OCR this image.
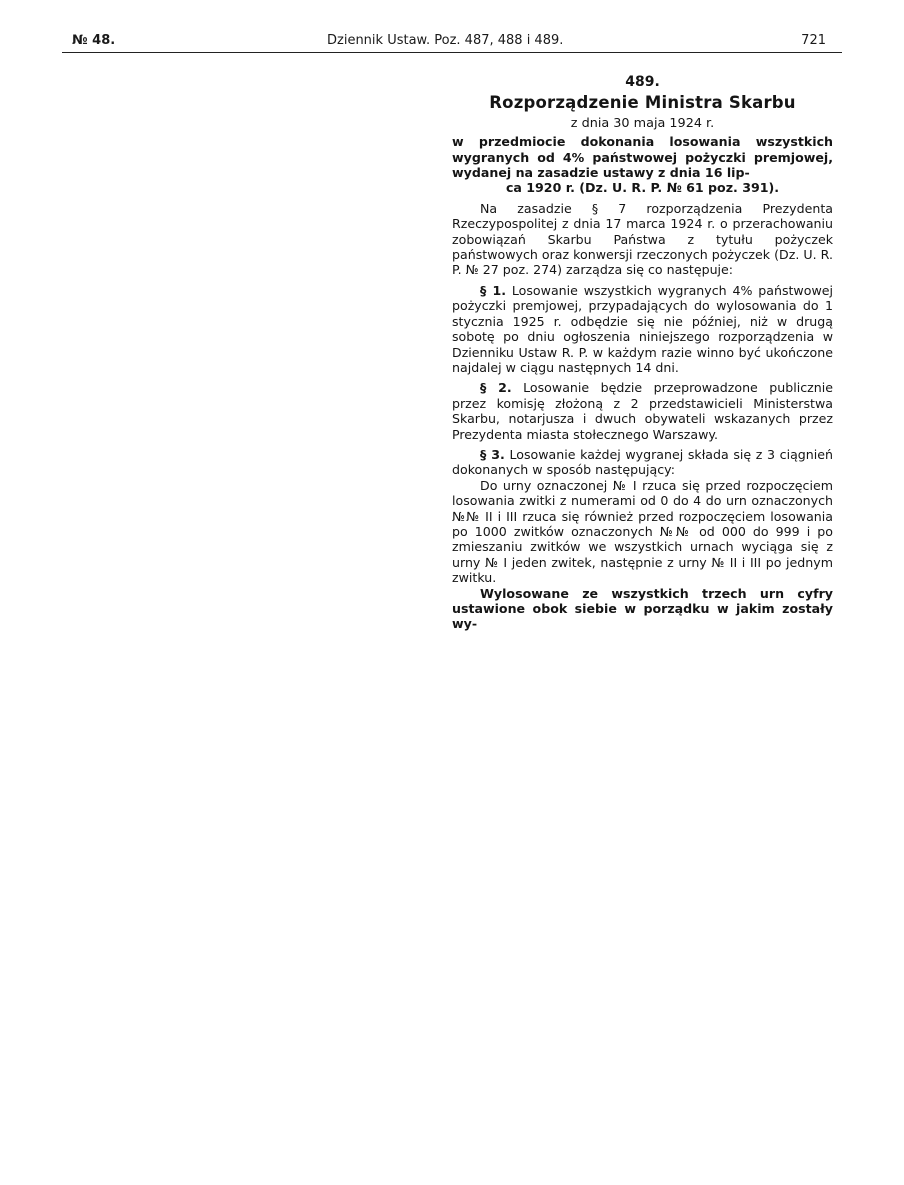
№ 48.	Dziennik Ustaw. Poz. 487, 488 i 489.	721
489.
Rozporządzenie Ministra Skarbu
z dnia 30 maja 1924 r.
w przedmiocie dokonania losowania wszystkich wygranych od 4% państwowej pożyczki premjowej, wydanej na zasadzie ustawy z dnia 16 lip-
ca 1920 r. (Dz. U. R. P. № 61 poz. 391).

Na zasadzie § 7 rozporządzenia Prezydenta Rzeczypospolitej z dnia 17 marca 1924 r. o przerachowaniu zobowiązań Skarbu Państwa z tytułu pożyczek państwowych oraz konwersji rzeczonych pożyczek (Dz. U. R. P. № 27 poz. 274) zarządza się co następuje:

§ 1. Losowanie wszystkich wygranych 4% państwowej pożyczki premjowej, przypadających do wylosowania do 1 stycznia 1925 r. odbędzie się nie później, niż w drugą sobotę po dniu ogłoszenia niniejszego rozporządzenia w Dzienniku Ustaw R. P. w każdym razie winno być ukończone najdalej w ciągu następnych 14 dni.

§ 2. Losowanie będzie przeprowadzone publicznie przez komisję złożoną z 2 przedstawicieli Ministerstwa Skarbu, notarjusza i dwuch obywateli wskazanych przez Prezydenta miasta stołecznego Warszawy.

§ 3. Losowanie każdej wygranej składa się z 3 ciągnień dokonanych w sposób następujący:

Do urny oznaczonej № I rzuca się przed rozpoczęciem losowania zwitki z numerami od 0 do 4 do urn oznaczonych №№ II i III rzuca się również przed rozpoczęciem losowania po 1000 zwitków oznaczonych №№ od 000 do 999 i po zmieszaniu zwitków we wszystkich urnach wyciąga się z urny № I jeden zwitek, następnie z urny № II i III po jednym zwitku.

Wylosowane ze wszystkich trzech urn cyfry ustawione obok siebie w porządku w jakim zostały wy-
